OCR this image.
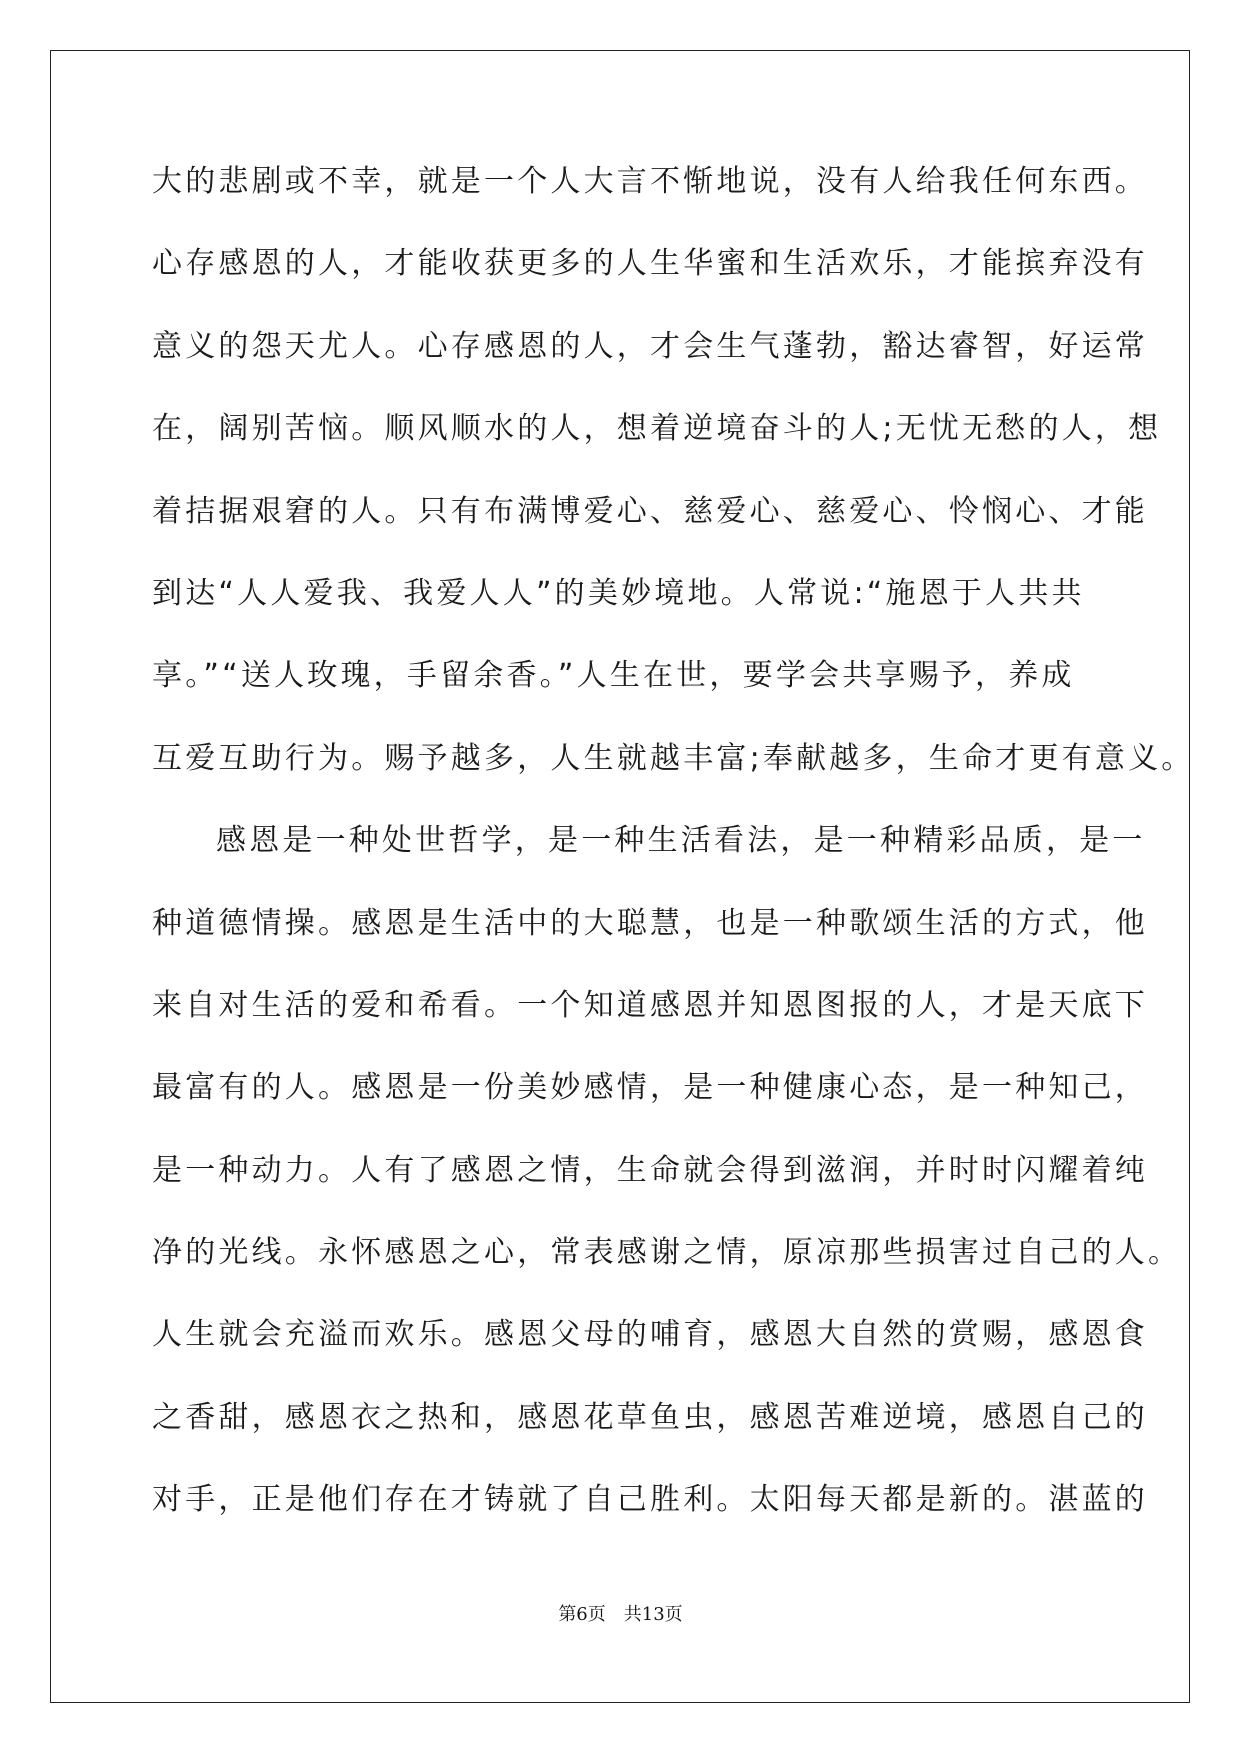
大的悲剧或不幸，就是一个人大言不惭地说，没有人给我任何东西。
心存感恩的人，才能收获更多的人生华蜜和生活欢乐，才能摈弃没有
意义的怨天尤人。心存感恩的人，才会生气蓬勃，豁达睿智，好运常
在，阔别苦恼。顺风顺水的人，想着逆境奋斗的人;无忧无愁的人，想
着拮据艰窘的人。只有布满博爱心、慈爱心、慈爱心、怜悯心、才能
到达“人人爱我、我爱人人”的美妙境地。人常说:“施恩于人共共
享。”“送人玫瑰，手留余香。”人生在世，要学会共享赐予，养成
互爱互助行为。赐予越多，人生就越丰富;奉献越多，生命才更有意义。
感恩是一种处世哲学，是一种生活看法，是一种精彩品质，是一
种道德情操。感恩是生活中的大聪慧，也是一种歌颂生活的方式，他
来自对生活的爱和希看。一个知道感恩并知恩图报的人，才是天底下
最富有的人。感恩是一份美妙感情，是一种健康心态，是一种知己，
是一种动力。人有了感恩之情，生命就会得到滋润，并时时闪耀着纯
净的光线。永怀感恩之心，常表感谢之情，原凉那些损害过自己的人。
人生就会充溢而欢乐。感恩父母的哺育，感恩大自然的赏赐，感恩食
之香甜，感恩衣之热和，感恩花草鱼虫，感恩苦难逆境，感恩自己的
对手，正是他们存在才铸就了自己胜利。太阳每天都是新的。湛蓝的
第6页 共13页
